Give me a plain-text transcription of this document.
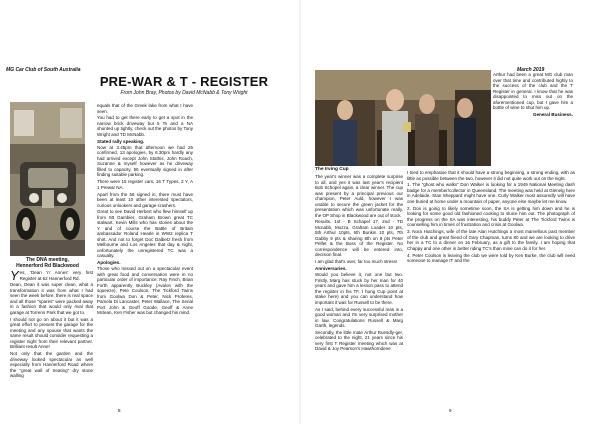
MG Car Club of South Australia
PRE-WAR & T - REGISTER
From John Bray, Photos by David McNabb & Tony Wright
The DNA meeting,
Hennerford Rd Blackwood
Y es, 'Dean 'n' Annes' very first Register at 62 Hannerford Rd.

Dean, Dean it was super clean, what a transformation it was from what I had seen the week before, there is real space and all those "spares" were packed away in a fashion that would only rival that garage at Torrens Park that we got to.

I should not go on about it but it was a great effort to present the garage for the meeting and any spouse that wants the same result should consider requesting a register night from their relevant partner. Brilliant result Anne!

Not only that the garden and the driveway looked spectacular as well especially from Hannerford Road where the "great wall of treating" dry stone walling

equals that of the Greek lake from what I have seen.

You had to get there early to get a spot in the narrow brick driveway but 5 Ts and a NA shunted up tightly, check out the photos by Tony Wright and TD McNabb.

Stated rally speaking.

Now at 3.45pm that afternoon we had 26 confirmed, 13 apologies, by 6.30pm hardly any had arrived except John Stathis, John Roach, Suzanne & myself however as he driveway filled to capacity, 56 eventually signed in after finding suitable parking.

There were 15 register cars, 16 T Types, 2 Y, A 1 Prewar NA.

Apart from the 56 signed in, there must have been at least 10 other interested spectators, curious onlookers and garage-crashers.

Great to see David Herbert who flew himself up from Mt Gambier, Graham Brown great TC stalwart, Kevin Mills who has stories about the Y and of course the Battle of Britain ambassador Roland Hearle in WW2 replica T shirt. And not to forget Doc Dalbetz fresh from Melbourne and Los Angeles that day & night, unfortunately the unregistered TC was a casualty.

Apologies.

Those who missed out on a spectacular event with great food and conversation were in no particular order of importance: Ray Finch, Brian Forth apparently Buckley (Avalon with the squeeze), Pete Coulson, The Tickford Twins from Goolwa Don & Peter, Nick Proferes, Pamela Di Lancaster, Peter Wallace, The Serial Port John & Geoff Goode, Geoff & Anne Mclean, Ken Fisher was but changed his mind.

8
March 2019
The Irving Cup

Arthur had been a great MG club man over that time and contributed highly to the success of the club and the T Register in general. I know that he was disappointed to miss out on the aforementioned cup, but I gave him a bottle of wine to shut him up.

General Business.

The year's winner was a complete surprise to all, and yes it was last year's recipient Bob Schopel again, a clear winner. The cup was present by a principal previous our champion, Peter Auld, however I was unable to secure the green jacket for the presentation which was unfortunate really, the OP Shop in Blackwood are out of stock.

Results. 1st - B Schapel 17, 2nd - TD Mcnabb, Mozza, Graham Loader 10 pts, 5th Arthur 10pts, 6th Bunkin 10 pts, 7th Gabby 9 pts & sharing 8th on 8 pts Peter Pelfet & the Boss of the Register. No correspondence will be entered into, decision final.

I am glad that's over, far too much stress!

Anniversaries.

Would you believe it, not one but two. Firstly, Marg has stuck by her man for 40 years and gave him a lesson pass to attend the register in his TF. I hung Cup point at stake here) and you can understand how important it was for Russell to be there.

As I said, behind every successful man is a good woman and I'm very surprised mother in law. Congratulations Russell & Marg Garth, legends.

Secondly, the little mate Arthur Ruesdly-ger, celebrated to the night, 21 years since his very first T Register meeting which was at David & Joy Pearson's Hawthorndene

I tried to emphasise that it should have a strong beginning, a strong ending, with as little as possible between the two, however it did not quite work out on the night.

1. The "ghost who walks" Don Walker is looking for a 1949 National Meeting dash badge for a member/collector in Queensland. The meeting was held at Glenelg here in Adelaide. Stan Sheppard might have one. Curly Walker most assuredly will have one buried at home under a mountain of paper, anyone else maybe let me know.

2. Don is going to likely sometime soon, the SA is getting him down and he is looking for some good old fashioned cooking to sluice him out. The photograph of the progress on the SA was interesting, his buddy Peter at The Tickford Twins is counselling him in times of frustration and crisis at Goolwa.

3. Nora Hutchings, wife of the late Alan Hutchings a most marvellous past member of the club and great friend of Gary Chapman, turns 80 and we are looking to drive her in a TC to a dinner on 16 February, as a gift to the family. I am hoping that Chappy and one other in better riding TC's than mine can do it for her.

4. Peter Coulson is leaving the club we were told by Ken Burke, the club will need someone to manage IT and the

9
